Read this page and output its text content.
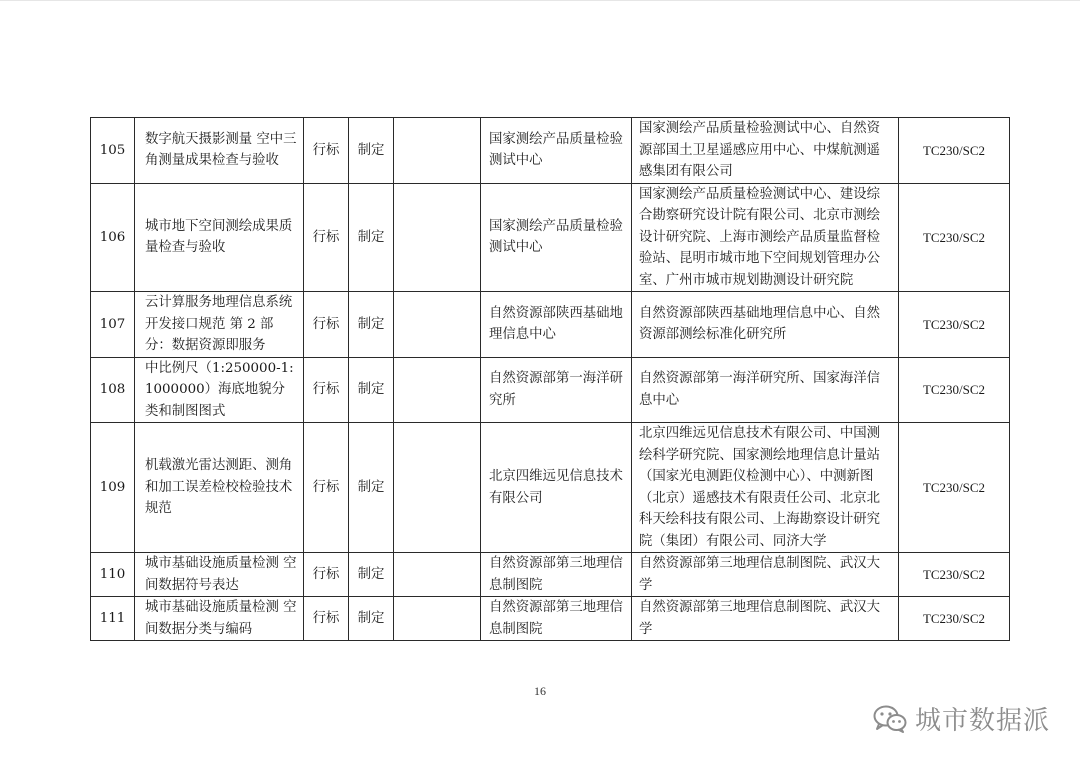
105	数字航天摄影测量 空中三角测量成果检查与验收	行标	制定		国家测绘产品质量检验测试中心	国家测绘产品质量检验测试中心、自然资源部国土卫星遥感应用中心、中煤航测遥感集团有限公司	TC230/SC2
106	城市地下空间测绘成果质量检查与验收	行标	制定		国家测绘产品质量检验测试中心	国家测绘产品质量检验测试中心、建设综合勘察研究设计院有限公司、北京市测绘设计研究院、上海市测绘产品质量监督检验站、昆明市城市地下空间规划管理办公室、广州市城市规划勘测设计研究院	TC230/SC2
107	云计算服务地理信息系统开发接口规范 第 2 部分：数据资源即服务	行标	制定		自然资源部陕西基础地理信息中心	自然资源部陕西基础地理信息中心、自然资源部测绘标准化研究所	TC230/SC2
108	中比例尺（1:250000-1:1000000）海底地貌分类和制图图式	行标	制定		自然资源部第一海洋研究所	自然资源部第一海洋研究所、国家海洋信息中心	TC230/SC2
109	机载激光雷达测距、测角和加工误差检校检验技术规范	行标	制定		北京四维远见信息技术有限公司	北京四维远见信息技术有限公司、中国测绘科学研究院、国家测绘地理信息计量站（国家光电测距仪检测中心）、中测新图（北京）遥感技术有限责任公司、北京北科天绘科技有限公司、上海勘察设计研究院（集团）有限公司、同济大学	TC230/SC2
110	城市基础设施质量检测 空间数据符号表达	行标	制定		自然资源部第三地理信息制图院	自然资源部第三地理信息制图院、武汉大学	TC230/SC2
111	城市基础设施质量检测 空间数据分类与编码	行标	制定		自然资源部第三地理信息制图院	自然资源部第三地理信息制图院、武汉大学	TC230/SC2
16
城市数据派
